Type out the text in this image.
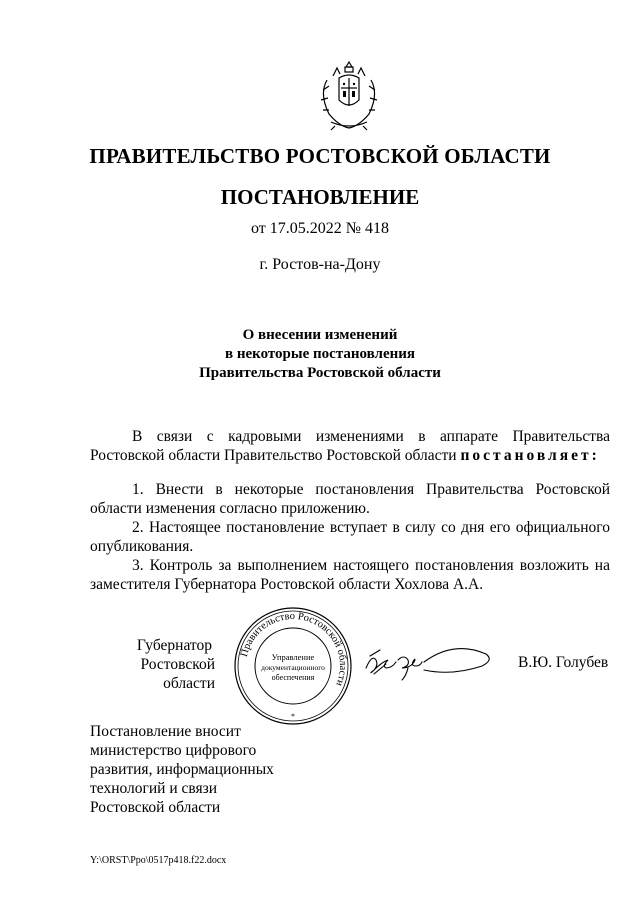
ПРАВИТЕЛЬСТВО РОСТОВСКОЙ ОБЛАСТИ
ПОСТАНОВЛЕНИЕ
от 17.05.2022 № 418
г. Ростов-на-Дону
О внесении изменений
в некоторые постановления
Правительства Ростовской области
В связи с кадровыми изменениями в аппарате Правительства Ростовской области Правительство Ростовской области постановляет:

1. Внести в некоторые постановления Правительства Ростовской области изменения согласно приложению.

2. Настоящее постановление вступает в силу со дня его официального опубликования.

3. Контроль за выполнением настоящего постановления возложить на заместителя Губернатора Ростовской области Хохлова А.А.

Губернатор
Ростовской области
Правительство Ростовской области
Управление
документационного
обеспечения
*
В.Ю. Голубев
Постановление вносит
министерство цифрового
развития, информационных
технологий и связи
Ростовской области
Y:\ORST\Ppo\0517p418.f22.docx
